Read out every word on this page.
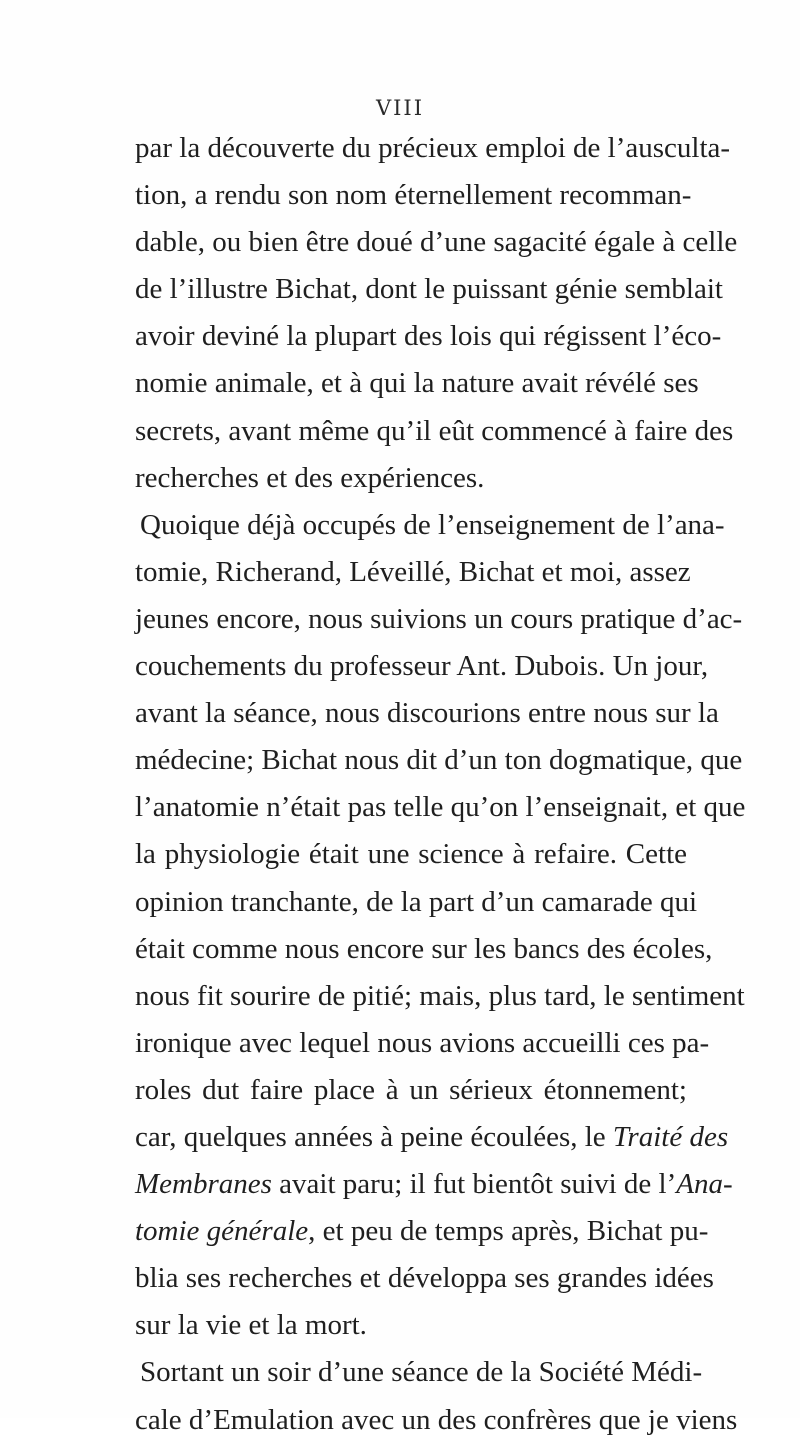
VIII
par la découverte du précieux emploi de l’ausculta-
tion, a rendu son nom éternellement recomman-
dable, ou bien être doué d’une sagacité égale à celle
de l’illustre Bichat, dont le puissant génie semblait
avoir deviné la plupart des lois qui régissent l’éco-
nomie animale, et à qui la nature avait révélé ses
secrets, avant même qu’il eût commencé à faire des
recherches et des expériences.
Quoique déjà occupés de l’enseignement de l’ana-
tomie, Richerand, Léveillé, Bichat et moi, assez
jeunes encore, nous suivions un cours pratique d’ac-
couchements du professeur Ant. Dubois. Un jour,
avant la séance, nous discourions entre nous sur la
médecine; Bichat nous dit d’un ton dogmatique, que
l’anatomie n’était pas telle qu’on l’enseignait, et que
la physiologie était une science à refaire. Cette
opinion tranchante, de la part d’un camarade qui
était comme nous encore sur les bancs des écoles,
nous fit sourire de pitié; mais, plus tard, le sentiment
ironique avec lequel nous avions accueilli ces pa-
roles dut faire place à un sérieux étonnement;
car, quelques années à peine écoulées, le Traité des
Membranes avait paru; il fut bientôt suivi de l’Ana-
tomie générale, et peu de temps après, Bichat pu-
blia ses recherches et développa ses grandes idées
sur la vie et la mort.
Sortant un soir d’une séance de la Société Médi-
cale d’Emulation avec un des confrères que je viens
